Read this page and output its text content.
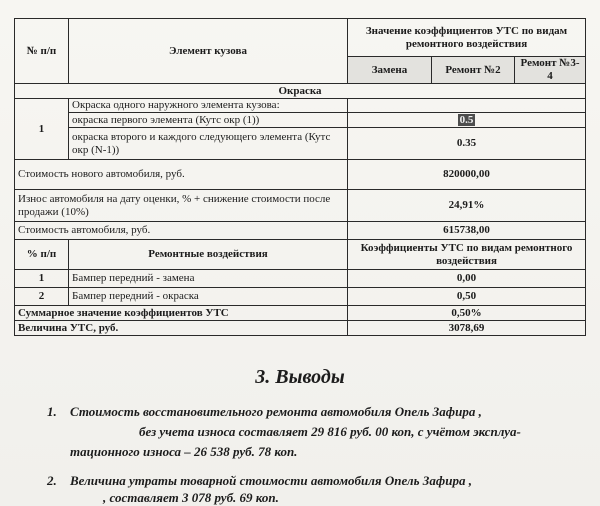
№ п/п	Элемент кузова	Значение коэффициентов УТС по видам ремонтного воздействия		
		Замена	Ремонт №2	Ремонт №3-4
Окраска				
1	Окраска одного наружного элемента кузова:			
	окраска первого элемента (Кутс окр (1))	0.5		
	окраска второго и каждого следующего элемента (Кутс окр (N-1))	0.35		
Стоимость нового автомобиля, руб.		820000,00		
Износ автомобиля на дату оценки, % + снижение стоимости после продажи (10%)		24,91%		
Стоимость автомобиля, руб.		615738,00		
% п/п	Ремонтные воздействия	Коэффициенты УТС по видам ремонтного воздействия		
1	Бампер передний - замена	0,00		
2	Бампер передний - окраска	0,50		
Суммарное значение коэффициентов УТС		0,50%		
Величина УТС, руб.		3078,69		
3. Выводы
1. Стоимость восстановительного ремонта автомобиля Опель Зафира ,
без учета износа составляет 29 816 руб. 00 коп, с учётом эксплуа-
тационного износа – 26 538 руб. 78 коп.
2. Величина утраты товарной стоимости автомобиля Опель Зафира ,
, составляет 3 078 руб. 69 коп.
